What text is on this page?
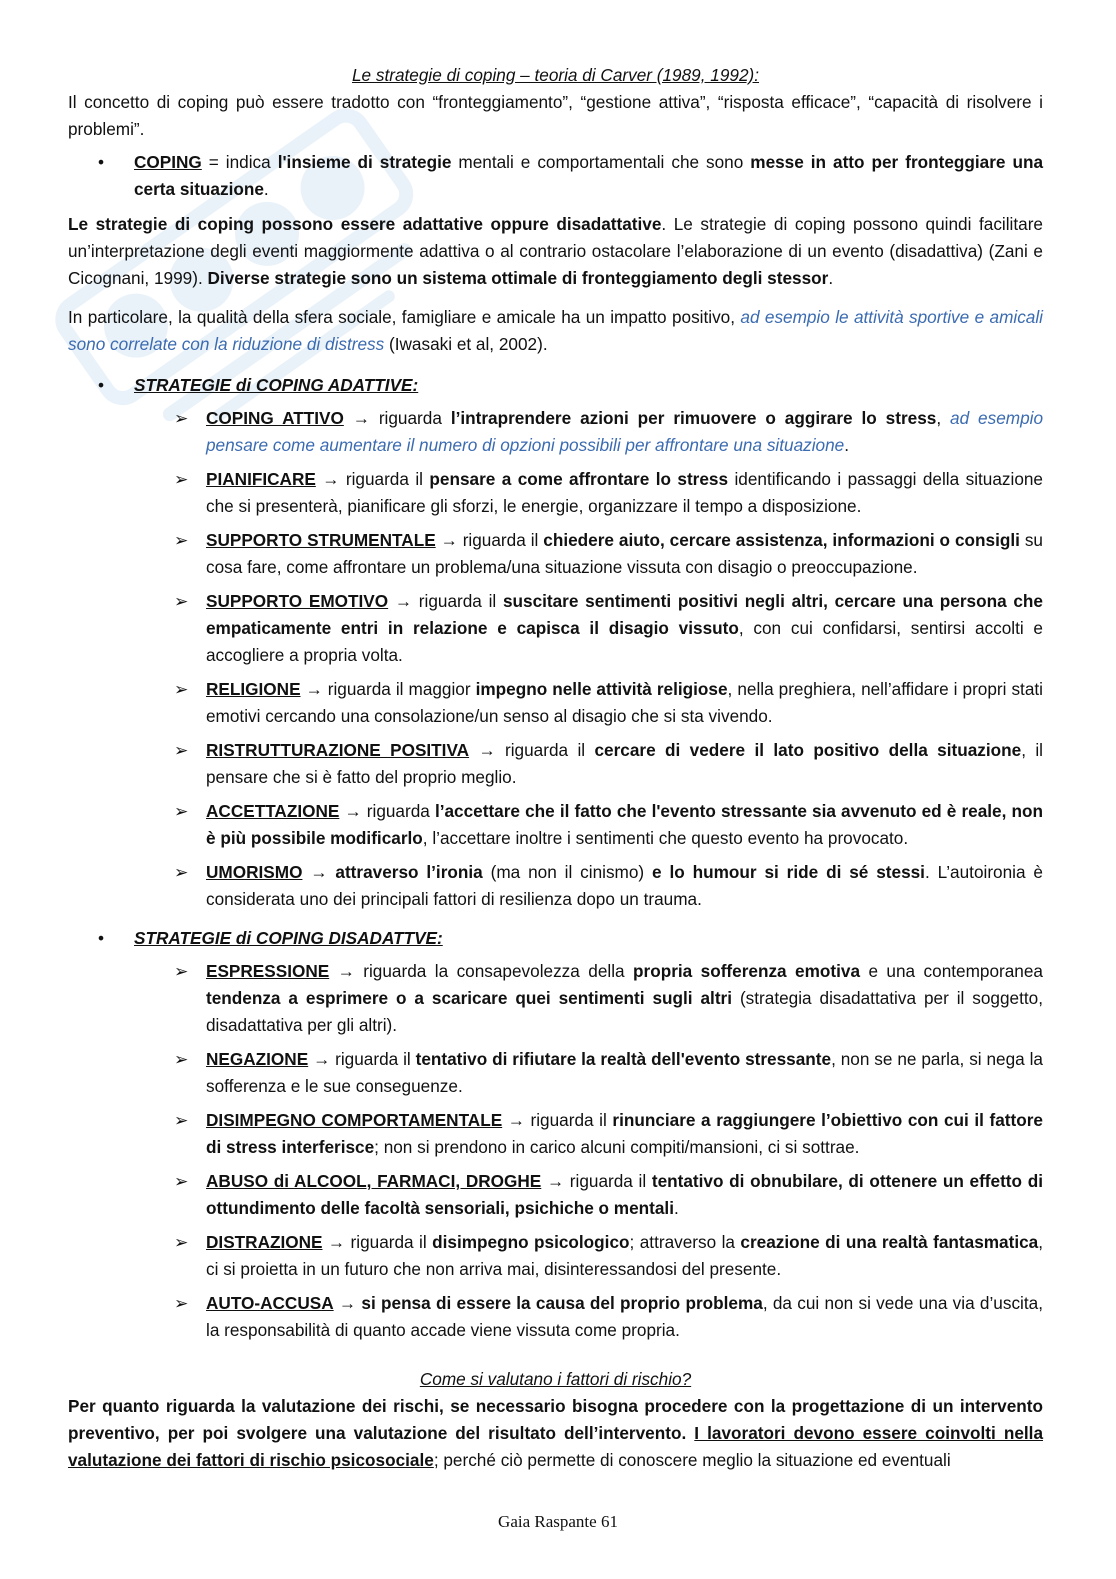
Le strategie di coping – teoria di Carver (1989, 1992):

Il concetto di coping può essere tradotto con “fronteggiamento”, “gestione attiva”, “risposta efficace”, “capacità di risolvere i problemi”.

• COPING = indica l'insieme di strategie mentali e comportamentali che sono messe in atto per fronteggiare una certa situazione.

Le strategie di coping possono essere adattative oppure disadattative. Le strategie di coping possono quindi facilitare un’interpretazione degli eventi maggiormente adattiva o al contrario ostacolare l’elaborazione di un evento (disadattiva) (Zani e Cicognani, 1999). Diverse strategie sono un sistema ottimale di fronteggiamento degli stessor.

In particolare, la qualità della sfera sociale, famigliare e amicale ha un impatto positivo, ad esempio le attività sportive e amicali sono correlate con la riduzione di distress (Iwasaki et al, 2002).

• STRATEGIE di COPING ADATTIVE:
➢ COPING ATTIVO → riguarda l’intraprendere azioni per rimuovere o aggirare lo stress, ad esempio pensare come aumentare il numero di opzioni possibili per affrontare una situazione.
➢ PIANIFICARE → riguarda il pensare a come affrontare lo stress identificando i passaggi della situazione che si presenterà, pianificare gli sforzi, le energie, organizzare il tempo a disposizione.
➢ SUPPORTO STRUMENTALE → riguarda il chiedere aiuto, cercare assistenza, informazioni o consigli su cosa fare, come affrontare un problema/una situazione vissuta con disagio o preoccupazione.
➢ SUPPORTO EMOTIVO → riguarda il suscitare sentimenti positivi negli altri, cercare una persona che empaticamente entri in relazione e capisca il disagio vissuto, con cui confidarsi, sentirsi accolti e accogliere a propria volta.
➢ RELIGIONE → riguarda il maggior impegno nelle attività religiose, nella preghiera, nell’affidare i propri stati emotivi cercando una consolazione/un senso al disagio che si sta vivendo.
➢ RISTRUTTURAZIONE POSITIVA → riguarda il cercare di vedere il lato positivo della situazione, il pensare che si è fatto del proprio meglio.
➢ ACCETTAZIONE → riguarda l’accettare che il fatto che l'evento stressante sia avvenuto ed è reale, non è più possibile modificarlo, l’accettare inoltre i sentimenti che questo evento ha provocato.
➢ UMORISMO → attraverso l’ironia (ma non il cinismo) e lo humour si ride di sé stessi. L’autoironia è considerata uno dei principali fattori di resilienza dopo un trauma.
• STRATEGIE di COPING DISADATTVE:
➢ ESPRESSIONE → riguarda la consapevolezza della propria sofferenza emotiva e una contemporanea tendenza a esprimere o a scaricare quei sentimenti sugli altri (strategia disadattativa per il soggetto, disadattativa per gli altri).
➢ NEGAZIONE → riguarda il tentativo di rifiutare la realtà dell'evento stressante, non se ne parla, si nega la sofferenza e le sue conseguenze.
➢ DISIMPEGNO COMPORTAMENTALE → riguarda il rinunciare a raggiungere l’obiettivo con cui il fattore di stress interferisce; non si prendono in carico alcuni compiti/mansioni, ci si sottrae.
➢ ABUSO di ALCOOL, FARMACI, DROGHE → riguarda il tentativo di obnubilare, di ottenere un effetto di ottundimento delle facoltà sensoriali, psichiche o mentali.
➢ DISTRAZIONE → riguarda il disimpegno psicologico; attraverso la creazione di una realtà fantasmatica, ci si proietta in un futuro che non arriva mai, disinteressandosi del presente.
➢ AUTO-ACCUSA → si pensa di essere la causa del proprio problema, da cui non si vede una via d’uscita, la responsabilità di quanto accade viene vissuta come propria.

Come si valutano i fattori di rischio?

Per quanto riguarda la valutazione dei rischi, se necessario bisogna procedere con la progettazione di un intervento preventivo, per poi svolgere una valutazione del risultato dell’intervento. I lavoratori devono essere coinvolti nella valutazione dei fattori di rischio psicosociale; perché ciò permette di conoscere meglio la situazione ed eventuali

Gaia Raspante 61
